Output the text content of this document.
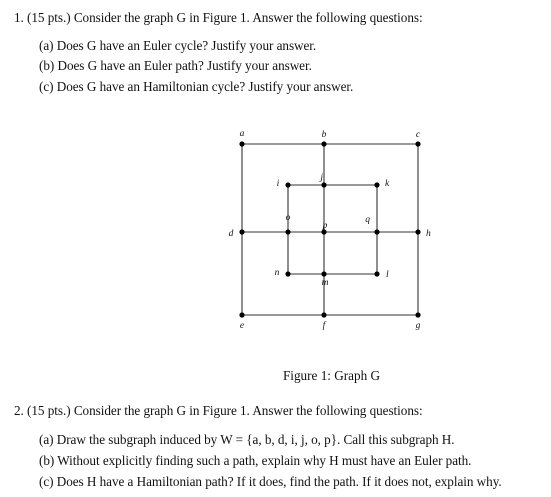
1. (15 pts.) Consider the graph G in Figure 1. Answer the following questions:
(a) Does G have an Euler cycle? Justify your answer.
(b) Does G have an Euler path? Justify your answer.
(c) Does G have an Hamiltonian cycle? Justify your answer.
a	b	c
d
e	f	g
h
i
j
k
l
m
n
o
p
q
Figure 1: Graph G
2. (15 pts.) Consider the graph G in Figure 1. Answer the following questions:
(a) Draw the subgraph induced by W = {a, b, d, i, j, o, p}. Call this subgraph H.
(b) Without explicitly finding such a path, explain why H must have an Euler path.
(c) Does H have a Hamiltonian path? If it does, find the path. If it does not, explain why.
